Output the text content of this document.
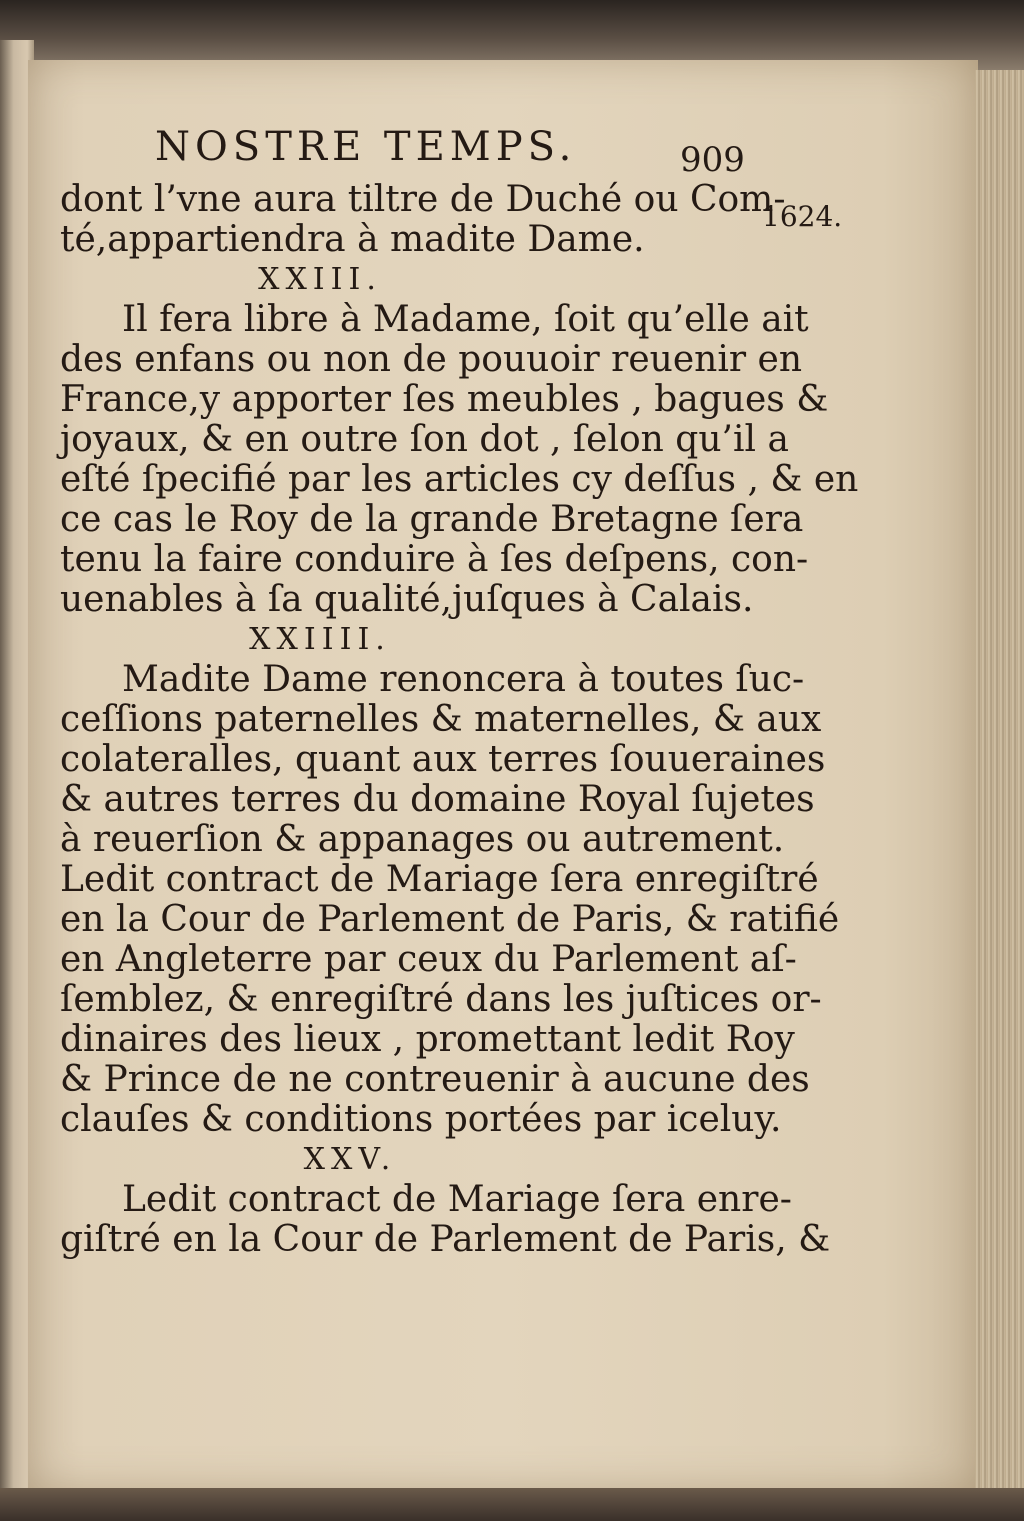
NOSTRE TEMPS.	909

dont l’vne aura tiltre de Duché ou Com-

té,appartiendra à madite Dame.

XXIII.

Il fera libre à Madame, ſoit qu’elle ait

des enfans ou non de pouuoir reuenir en

France,y apporter ſes meubles , bagues &

joyaux, & en outre ſon dot , ſelon qu’il a

eſté ſpecifié par les articles cy deſſus , & en

ce cas le Roy de la grande Bretagne ſera

tenu la faire conduire à ſes deſpens, con-

uenables à ſa qualité,juſques à Calais.

XXIIII.

Madite Dame renoncera à toutes ſuc-

ceſſions paternelles & maternelles, & aux

colateralles, quant aux terres ſouueraines

& autres terres du domaine Royal ſujetes

à reuerſion & appanages ou autrement.

Ledit contract de Mariage ſera enregiſtré

en la Cour de Parlement de Paris, & ratifié

en Angleterre par ceux du Parlement aſ-

ſemblez, & enregiſtré dans les juſtices or-

dinaires des lieux , promettant ledit Roy

& Prince de ne contreuenir à aucune des

clauſes & conditions portées par iceluy.

XXV.

Ledit contract de Mariage ſera enre-

giſtré en la Cour de Parlement de Paris, &

1624.
